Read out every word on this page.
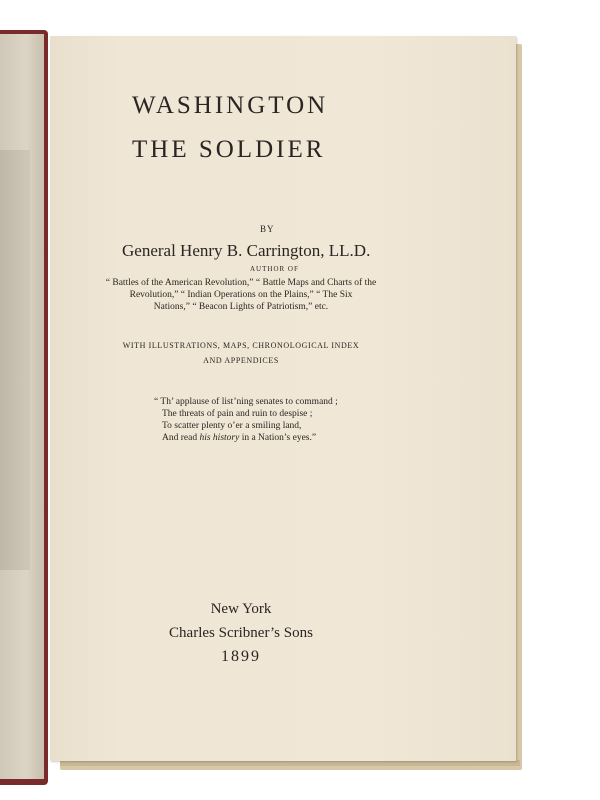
WASHINGTON
THE SOLDIER
BY
General Henry B. Carrington, LL.D.
AUTHOR OF
“ Battles of the American Revolution,” “ Battle Maps and Charts of the
Revolution,” “ Indian Operations on the Plains,” “ The Six
Nations,” “ Beacon Lights of Patriotism,” etc.
WITH ILLUSTRATIONS, MAPS, CHRONOLOGICAL INDEX
AND APPENDICES
“ Th’ applause of list’ning senates to command ;
The threats of pain and ruin to despise ;
To scatter plenty o’er a smiling land,
And read his history in a Nation’s eyes.”
New York
Charles Scribner’s Sons
1899
